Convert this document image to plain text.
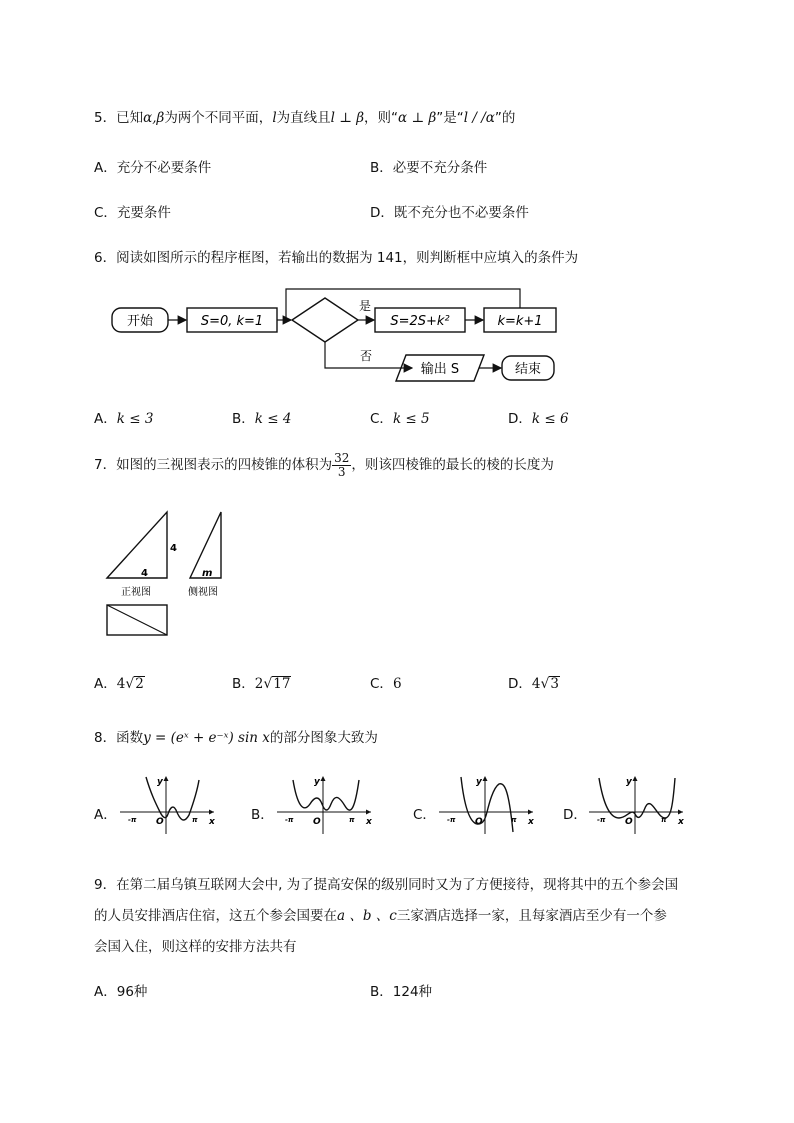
5．已知α,β为两个不同平面，l为直线且l ⊥ β，则“α ⊥ β”是“l / /α”的
A．充分不必要条件	B．必要不充分条件
C．充要条件	D．既不充分也不必要条件
6．阅读如图所示的程序框图，若输出的数据为 141，则判断框中应填入的条件为
开始	S=0, k=1
是
S=2S+k²	k=k+1
否
输出 S	结束
A．k ≤ 3	B．k ≤ 4	C．k ≤ 5	D．k ≤ 6
7．如图的三视图表示的四棱锥的体积为 $\frac{32}{3}$ ，则该四棱锥的最长的棱的长度为
4
4
正视图
m
侧视图
A．4√2	B．2√17	C．6	D．4√3
8．函数y = (eˣ + e⁻ˣ) sin x的部分图象大致为
A．	B．	C．	D．
y
x
O
-π	π
y
x
O
-π	π
y
x
O
-π	π
y
x
O
-π	π
9．在第二届乌镇互联网大会中, 为了提高安保的级别同时又为了方便接待，现将其中的五个参会国
的人员安排酒店住宿，这五个参会国要在a 、b 、c三家酒店选择一家，且每家酒店至少有一个参
会国入住，则这样的安排方法共有
A．96种	B．124种
